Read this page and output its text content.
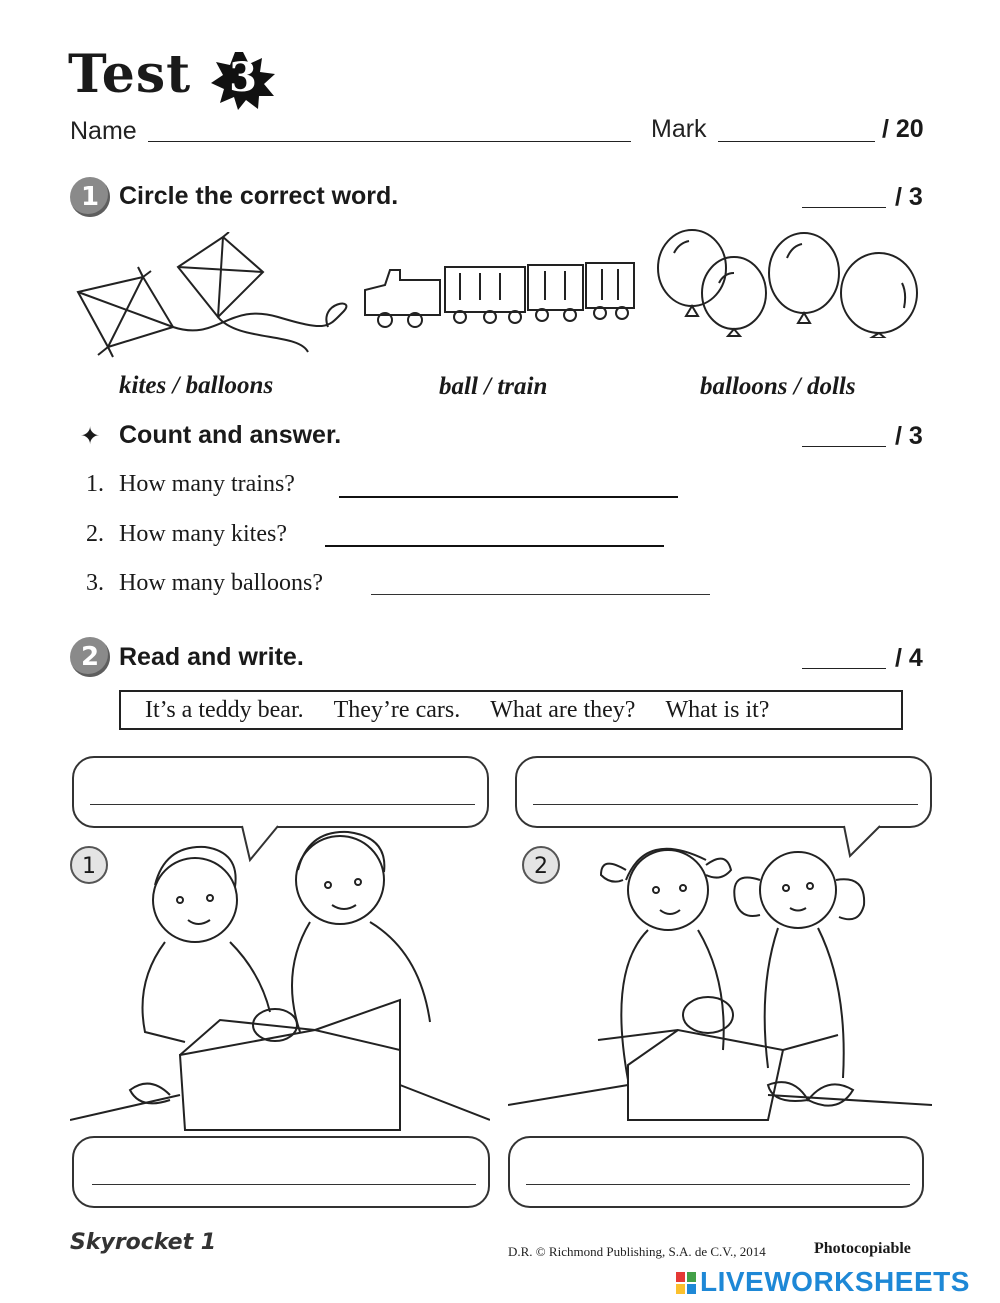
Test 3
Name	Mark	/ 20
1 Circle the correct word.	/ 3
kites / balloons	ball / train	balloons / dolls
✦ Count and answer.	/ 3
1. How many trains?
2. How many kites?
3. How many balloons?
2 Read and write.	/ 4
It’s a teddy bear. They’re cars. What are they? What is it?
1	2
Skyrocket 1	D.R. © Richmond Publishing, S.A. de C.V., 2014	Photocopiable
LIVEWORKSHEETS
